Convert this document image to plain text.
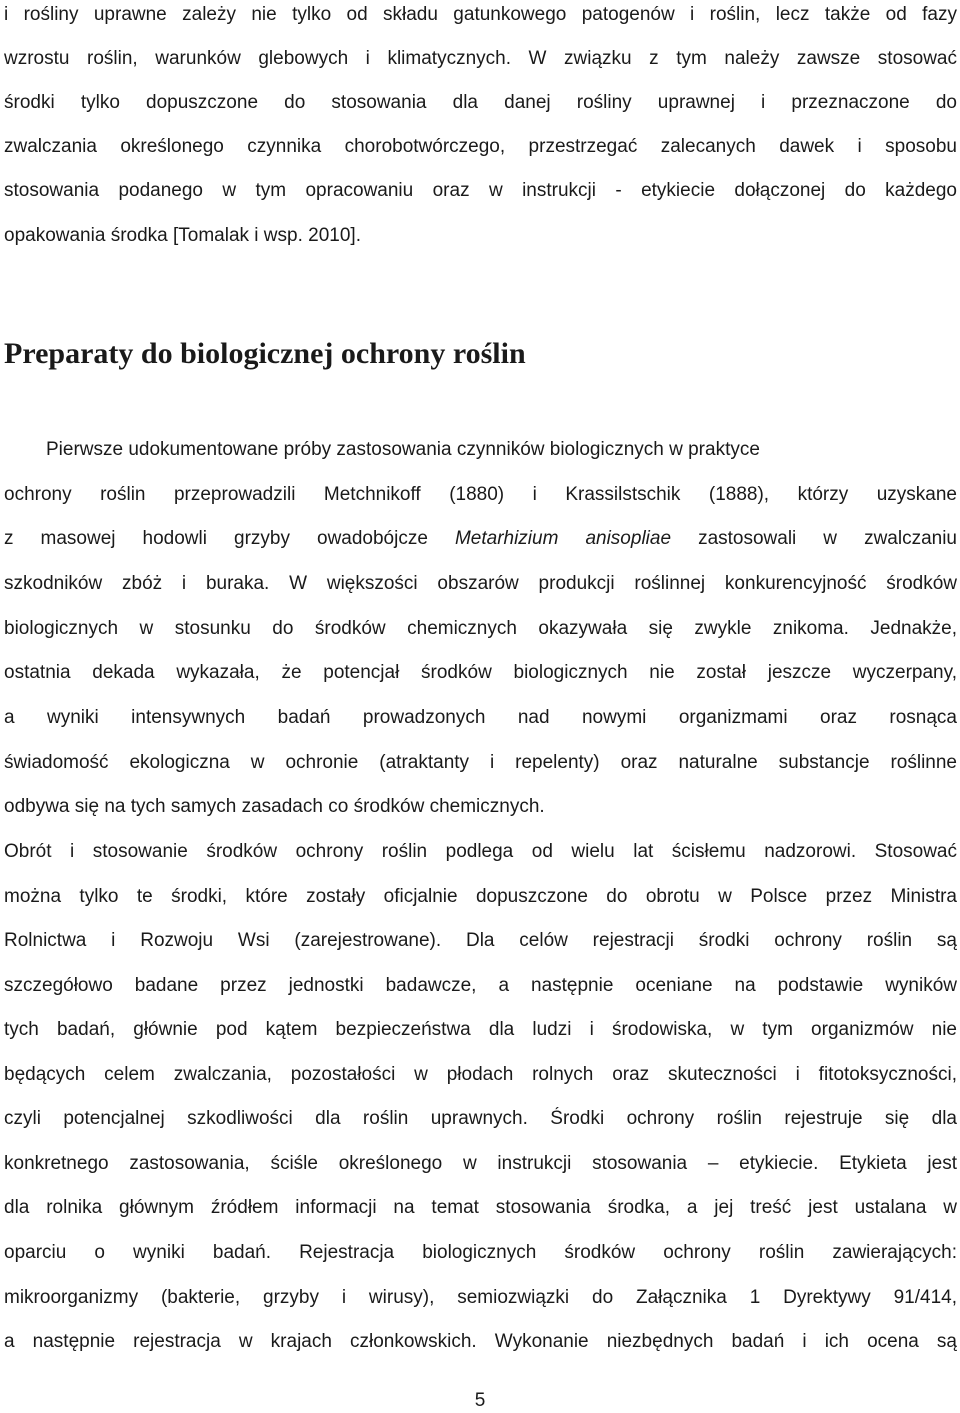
i rośliny uprawne zależy nie tylko od składu gatunkowego patogenów i roślin, lecz także od fazy
wzrostu roślin, warunków glebowych i klimatycznych. W związku z tym należy zawsze stosować
środki tylko dopuszczone do stosowania dla danej rośliny uprawnej i przeznaczone do
zwalczania określonego czynnika chorobotwórczego, przestrzegać zalecanych dawek i sposobu
stosowania podanego w tym opracowaniu oraz w instrukcji - etykiecie dołączonej do każdego
opakowania środka [Tomalak i wsp. 2010].
Preparaty do biologicznej ochrony roślin
Pierwsze udokumentowane próby zastosowania czynników biologicznych w praktyce
ochrony roślin przeprowadzili Metchnikoff (1880) i Krassilstschik (1888), którzy uzyskane
z masowej hodowli grzyby owadobójcze Metarhizium anisopliae zastosowali w zwalczaniu
szkodników zbóż i buraka. W większości obszarów produkcji roślinnej konkurencyjność środków
biologicznych w stosunku do środków chemicznych okazywała się zwykle znikoma. Jednakże,
ostatnia dekada wykazała, że potencjał środków biologicznych nie został jeszcze wyczerpany,
a wyniki intensywnych badań prowadzonych nad nowymi organizmami oraz rosnąca
świadomość ekologiczna w ochronie (atraktanty i repelenty) oraz naturalne substancje roślinne
odbywa się na tych samych zasadach co środków chemicznych.
Obrót i stosowanie środków ochrony roślin podlega od wielu lat ścisłemu nadzorowi. Stosować
można tylko te środki, które zostały oficjalnie dopuszczone do obrotu w Polsce przez Ministra
Rolnictwa i Rozwoju Wsi (zarejestrowane). Dla celów rejestracji środki ochrony roślin są
szczegółowo badane przez jednostki badawcze, a następnie oceniane na podstawie wyników
tych badań, głównie pod kątem bezpieczeństwa dla ludzi i środowiska, w tym organizmów nie
będących celem zwalczania, pozostałości w płodach rolnych oraz skuteczności i fitotoksyczności,
czyli potencjalnej szkodliwości dla roślin uprawnych. Środki ochrony roślin rejestruje się dla
konkretnego zastosowania, ściśle określonego w instrukcji stosowania – etykiecie. Etykieta jest
dla rolnika głównym źródłem informacji na temat stosowania środka, a jej treść jest ustalana w
oparciu o wyniki badań. Rejestracja biologicznych środków ochrony roślin zawierających:
mikroorganizmy (bakterie, grzyby i wirusy), semiozwiązki do Załącznika 1 Dyrektywy 91/414,
a następnie rejestracja w krajach członkowskich. Wykonanie niezbędnych badań i ich ocena są
5
